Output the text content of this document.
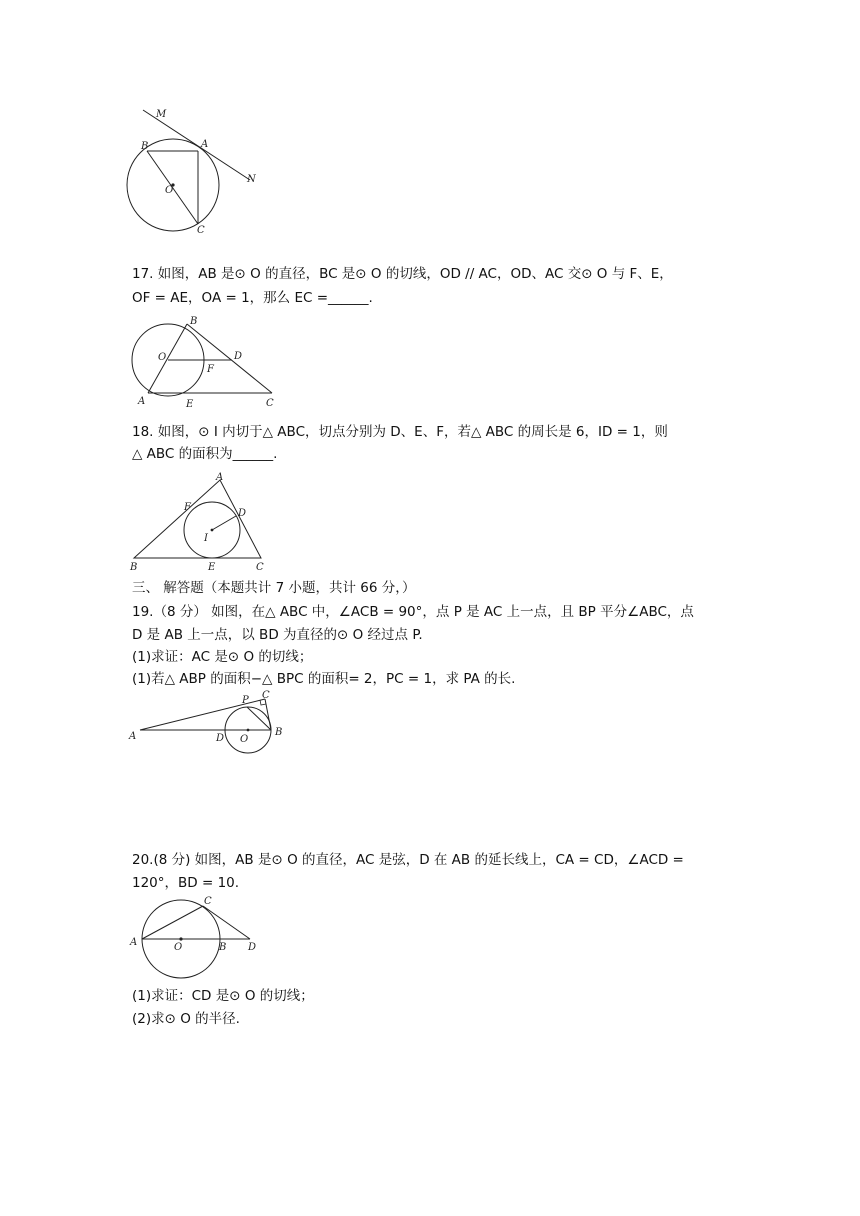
M
A
B
O
C
N
17. 如图，AB 是⊙ O 的直径，BC 是⊙ O 的切线，OD // AC，OD、AC 交⊙ O 与 F、E，
OF = AE，OA = 1，那么 EC =______.
B
O	D
F
A	E	C
18. 如图，⊙ I 内切于△ ABC，切点分别为 D、E、F，若△ ABC 的周长是 6，ID = 1，则
△ ABC 的面积为______.
A
F
D
I
B	E	C
三、 解答题（本题共计 7 小题，共计 66 分，）
19.（8 分） 如图，在△ ABC 中，∠ACB = 90°，点 P 是 AC 上一点，且 BP 平分∠ABC，点
D 是 AB 上一点，以 BD 为直径的⊙ O 经过点 P.
(1)求证：AC 是⊙ O 的切线；
(1)若△ ABP 的面积−△ BPC 的面积= 2，PC = 1，求 PA 的长.
P C
A	D O
B
20.(8 分) 如图，AB 是⊙ O 的直径，AC 是弦，D 在 AB 的延长线上，CA = CD，∠ACD =
120°，BD = 10.
C
A	O	B D
(1)求证：CD 是⊙ O 的切线；
(2)求⊙ O 的半径.
